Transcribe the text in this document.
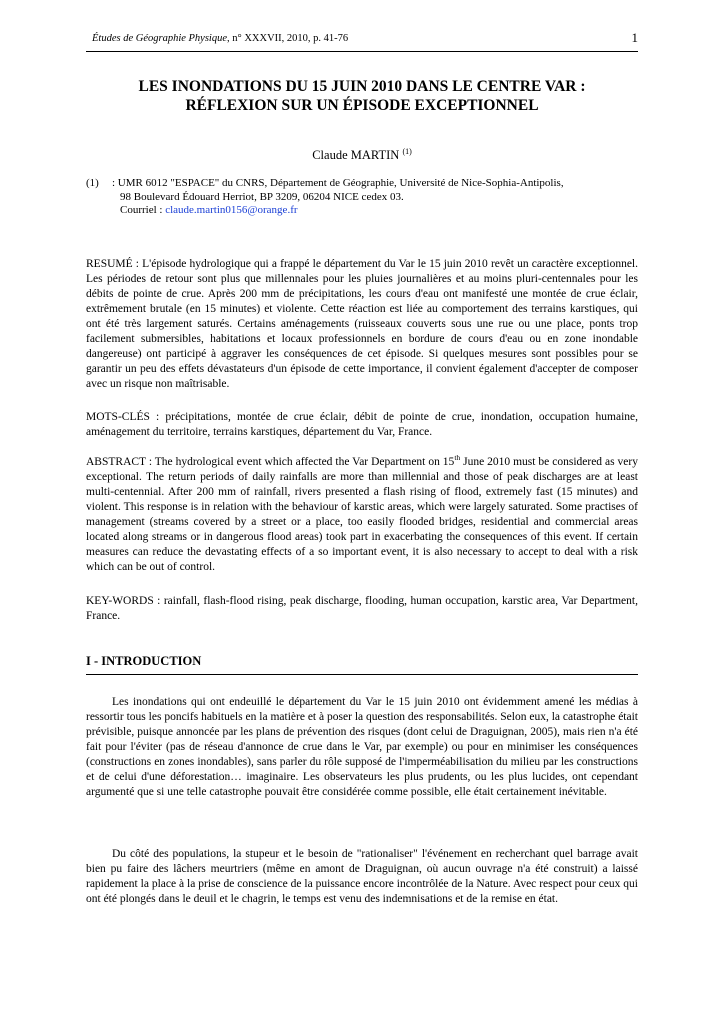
Études de Géographie Physique, n° XXXVII, 2010, p. 41-76	1
LES INONDATIONS DU 15 JUIN 2010 DANS LE CENTRE VAR :
RÉFLEXION SUR UN ÉPISODE EXCEPTIONNEL
Claude MARTIN $^{(1)}$
(1) : UMR 6012 "ESPACE" du CNRS, Département de Géographie, Université de Nice-Sophia-Antipolis,
98 Boulevard Édouard Herriot, BP 3209, 06204 NICE cedex 03.
Courriel : claude.martin0156@orange.fr

RESUMÉ : L'épisode hydrologique qui a frappé le département du Var le 15 juin 2010 revêt un caractère exceptionnel. Les périodes de retour sont plus que millennales pour les pluies journalières et au moins pluri-centennales pour les débits de pointe de crue. Après 200 mm de précipitations, les cours d'eau ont manifesté une montée de crue éclair, extrêmement brutale (en 15 minutes) et violente. Cette réaction est liée au comportement des terrains karstiques, qui ont été très largement saturés. Certains aménagements (ruisseaux couverts sous une rue ou une place, ponts trop facilement submersibles, habitations et locaux professionnels en bordure de cours d'eau ou en zone inondable dangereuse) ont participé à aggraver les conséquences de cet épisode. Si quelques mesures sont possibles pour se garantir un peu des effets dévastateurs d'un épisode de cette importance, il convient également d'accepter de composer avec un risque non maîtrisable.

MOTS-CLÉS : précipitations, montée de crue éclair, débit de pointe de crue, inondation, occupation humaine, aménagement du territoire, terrains karstiques, département du Var, France.

ABSTRACT : The hydrological event which affected the Var Department on 15th June 2010 must be considered as very exceptional. The return periods of daily rainfalls are more than millennial and those of peak discharges are at least multi-centennial. After 200 mm of rainfall, rivers presented a flash rising of flood, extremely fast (15 minutes) and violent. This response is in relation with the behaviour of karstic areas, which were largely saturated. Some practises of management (streams covered by a street or a place, too easily flooded bridges, residential and commercial areas located along streams or in dangerous flood areas) took part in exacerbating the consequences of this event. If certain measures can reduce the devastating effects of a so important event, it is also necessary to accept to deal with a risk which can be out of control.

KEY-WORDS : rainfall, flash-flood rising, peak discharge, flooding, human occupation, karstic area, Var Department, France.

I - INTRODUCTION

Les inondations qui ont endeuillé le département du Var le 15 juin 2010 ont évidemment amené les médias à ressortir tous les poncifs habituels en la matière et à poser la question des responsabilités. Selon eux, la catastrophe était prévisible, puisque annoncée par les plans de prévention des risques (dont celui de Draguignan, 2005), mais rien n'a été fait pour l'éviter (pas de réseau d'annonce de crue dans le Var, par exemple) ou pour en minimiser les conséquences (constructions en zones inondables), sans parler du rôle supposé de l'imperméabilisation du milieu par les constructions et de celui d'une déforestation… imaginaire. Les observateurs les plus prudents, ou les plus lucides, ont cependant argumenté que si une telle catastrophe pouvait être considérée comme possible, elle était certainement inévitable.

Du côté des populations, la stupeur et le besoin de "rationaliser" l'événement en recherchant quel barrage avait bien pu faire des lâchers meurtriers (même en amont de Draguignan, où aucun ouvrage n'a été construit) a laissé rapidement la place à la prise de conscience de la puissance encore incontrôlée de la Nature. Avec respect pour ceux qui ont été plongés dans le deuil et le chagrin, le temps est venu des indemnisations et de la remise en état.
